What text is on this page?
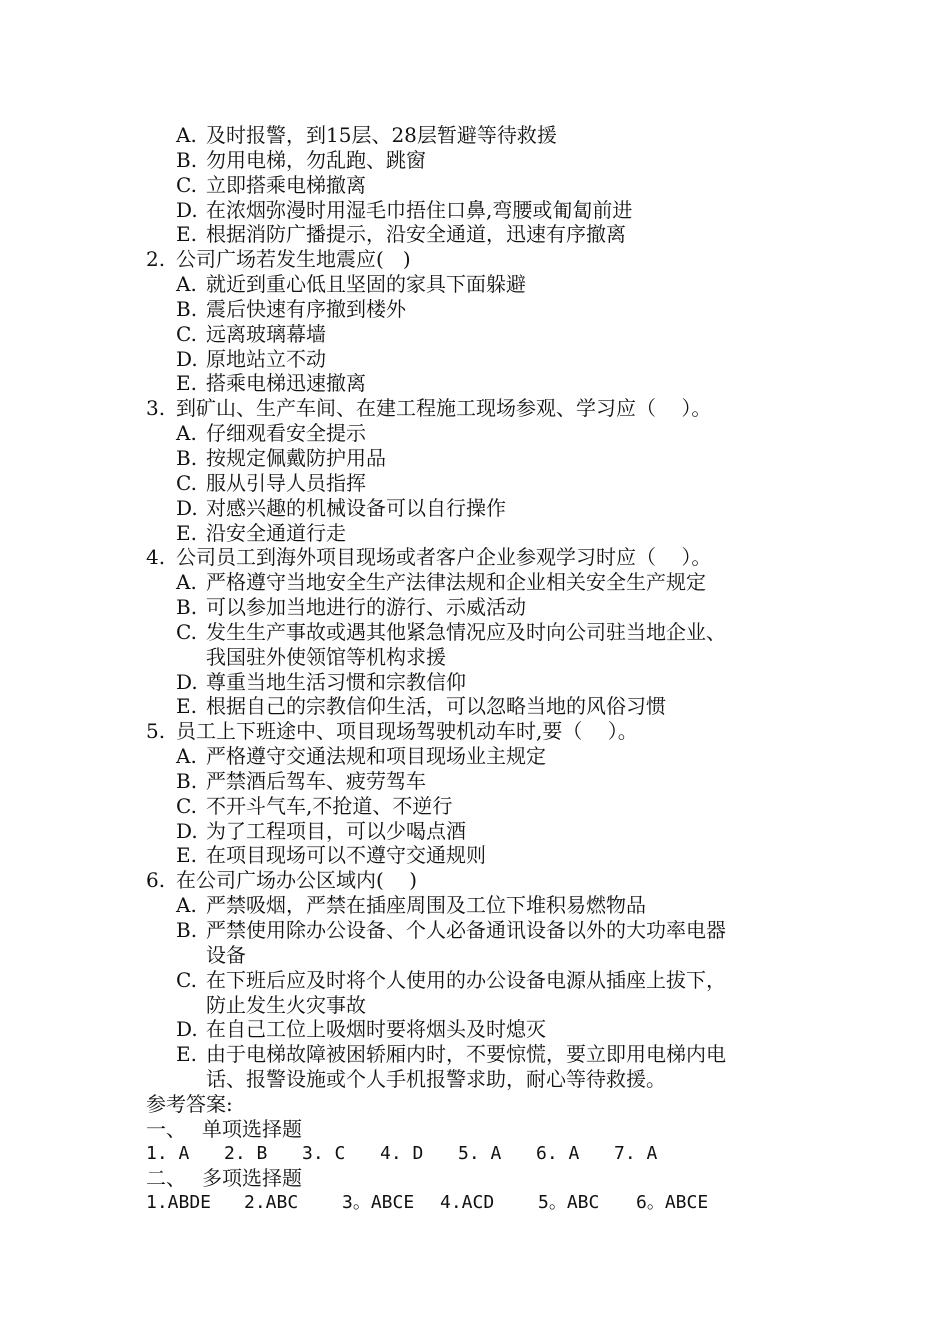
A. 及时报警，到15层、28层暂避等待救援
B. 勿用电梯，勿乱跑、跳窗
C. 立即搭乘电梯撤离
D. 在浓烟弥漫时用湿毛巾捂住口鼻,弯腰或匍匐前进
E. 根据消防广播提示，沿安全通道，迅速有序撤离
2. 公司广场若发生地震应(   )
A. 就近到重心低且坚固的家具下面躲避
B. 震后快速有序撤到楼外
C. 远离玻璃幕墙
D. 原地站立不动
E. 搭乘电梯迅速撤离
3. 到矿山、生产车间、在建工程施工现场参观、学习应（    ）。
A. 仔细观看安全提示
B. 按规定佩戴防护用品
C. 服从引导人员指挥
D. 对感兴趣的机械设备可以自行操作
E. 沿安全通道行走
4. 公司员工到海外项目现场或者客户企业参观学习时应（    ）。
A. 严格遵守当地安全生产法律法规和企业相关安全生产规定
B. 可以参加当地进行的游行、示威活动
C. 发生生产事故或遇其他紧急情况应及时向公司驻当地企业、
我国驻外使领馆等机构求援
D. 尊重当地生活习惯和宗教信仰
E. 根据自己的宗教信仰生活，可以忽略当地的风俗习惯
5. 员工上下班途中、项目现场驾驶机动车时,要（    ）。
A. 严格遵守交通法规和项目现场业主规定
B. 严禁酒后驾车、疲劳驾车
C. 不开斗气车,不抢道、不逆行
D. 为了工程项目，可以少喝点酒
E. 在项目现场可以不遵守交通规则
6. 在公司广场办公区域内(    )
A. 严禁吸烟，严禁在插座周围及工位下堆积易燃物品
B. 严禁使用除办公设备、个人必备通讯设备以外的大功率电器
设备
C. 在下班后应及时将个人使用的办公设备电源从插座上拔下，
防止发生火灾事故
D. 在自己工位上吸烟时要将烟头及时熄灭
E. 由于电梯故障被困轿厢内时，不要惊慌，要立即用电梯内电
话、报警设施或个人手机报警求助，耐心等待救援。
参考答案:
一、 单项选择题
1. A 2. B 3. C 4. D 5. A 6. A 7. A
二、 多项选择题
1.ABDE 2.ABC 3。ABCE 4.ACD 5。ABC 6。ABCE
